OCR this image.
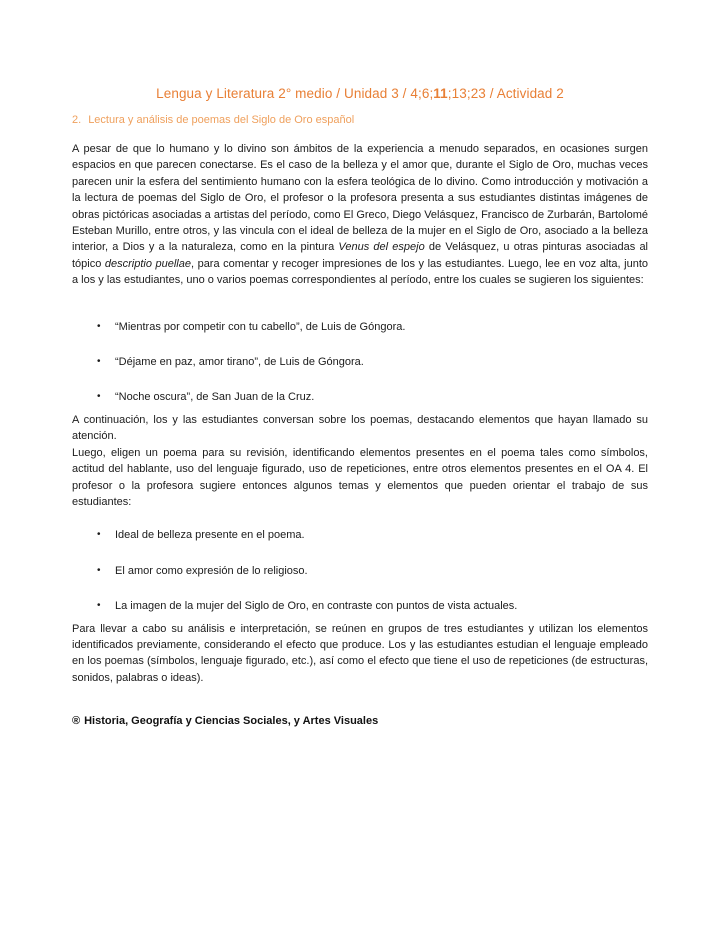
Lengua y Literatura 2° medio / Unidad 3 / 4;6;11;13;23 / Actividad 2
2. Lectura y análisis de poemas del Siglo de Oro español

A pesar de que lo humano y lo divino son ámbitos de la experiencia a menudo separados, en ocasiones surgen espacios en que parecen conectarse. Es el caso de la belleza y el amor que, durante el Siglo de Oro, muchas veces parecen unir la esfera del sentimiento humano con la esfera teológica de lo divino. Como introducción y motivación a la lectura de poemas del Siglo de Oro, el profesor o la profesora presenta a sus estudiantes distintas imágenes de obras pictóricas asociadas a artistas del período, como El Greco, Diego Velásquez, Francisco de Zurbarán, Bartolomé Esteban Murillo, entre otros, y las vincula con el ideal de belleza de la mujer en el Siglo de Oro, asociado a la belleza interior, a Dios y a la naturaleza, como en la pintura Venus del espejo de Velásquez, u otras pinturas asociadas al tópico descriptio puellae, para comentar y recoger impresiones de los y las estudiantes. Luego, lee en voz alta, junto a los y las estudiantes, uno o varios poemas correspondientes al período, entre los cuales se sugieren los siguientes:

• “Mientras por competir con tu cabello”, de Luis de Góngora.
• “Déjame en paz, amor tirano”, de Luis de Góngora.
• “Noche oscura”, de San Juan de la Cruz.

A continuación, los y las estudiantes conversan sobre los poemas, destacando elementos que hayan llamado su atención.

Luego, eligen un poema para su revisión, identificando elementos presentes en el poema tales como símbolos, actitud del hablante, uso del lenguaje figurado, uso de repeticiones, entre otros elementos presentes en el OA 4. El profesor o la profesora sugiere entonces algunos temas y elementos que pueden orientar el trabajo de sus estudiantes:

• Ideal de belleza presente en el poema.
• El amor como expresión de lo religioso.
• La imagen de la mujer del Siglo de Oro, en contraste con puntos de vista actuales.

Para llevar a cabo su análisis e interpretación, se reúnen en grupos de tres estudiantes y utilizan los elementos identificados previamente, considerando el efecto que produce. Los y las estudiantes estudian el lenguaje empleado en los poemas (símbolos, lenguaje figurado, etc.), así como el efecto que tiene el uso de repeticiones (de estructuras, sonidos, palabras o ideas).

® Historia, Geografía y Ciencias Sociales, y Artes Visuales
